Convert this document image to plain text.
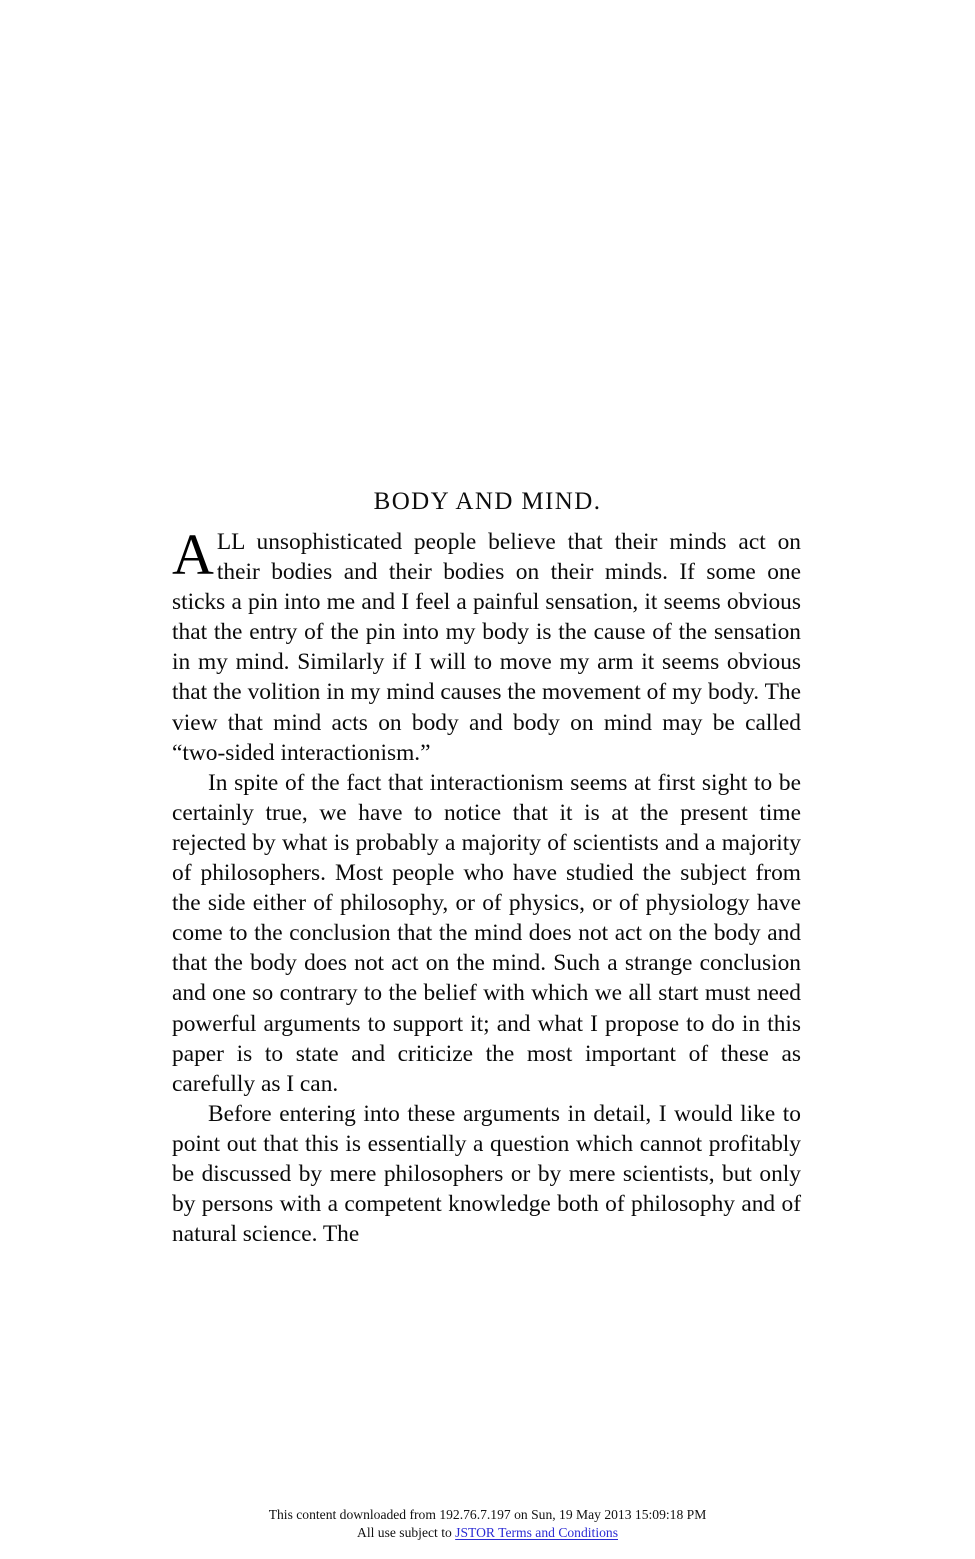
BODY AND MIND.

ALL unsophisticated people believe that their minds act on their bodies and their bodies on their minds. If some one sticks a pin into me and I feel a painful sensation, it seems obvious that the entry of the pin into my body is the cause of the sensation in my mind. Similarly if I will to move my arm it seems obvious that the volition in my mind causes the movement of my body. The view that mind acts on body and body on mind may be called “two-sided interactionism.”

In spite of the fact that interactionism seems at first sight to be certainly true, we have to notice that it is at the present time rejected by what is probably a majority of scientists and a majority of philosophers. Most people who have studied the subject from the side either of philosophy, or of physics, or of physiology have come to the conclusion that the mind does not act on the body and that the body does not act on the mind. Such a strange conclusion and one so contrary to the belief with which we all start must need powerful arguments to support it; and what I propose to do in this paper is to state and criticize the most important of these as carefully as I can.

Before entering into these arguments in detail, I would like to point out that this is essentially a question which cannot profitably be discussed by mere philosophers or by mere scientists, but only by persons with a competent knowledge both of philosophy and of natural science. The

This content downloaded from 192.76.7.197 on Sun, 19 May 2013 15:09:18 PM
All use subject to JSTOR Terms and Conditions
